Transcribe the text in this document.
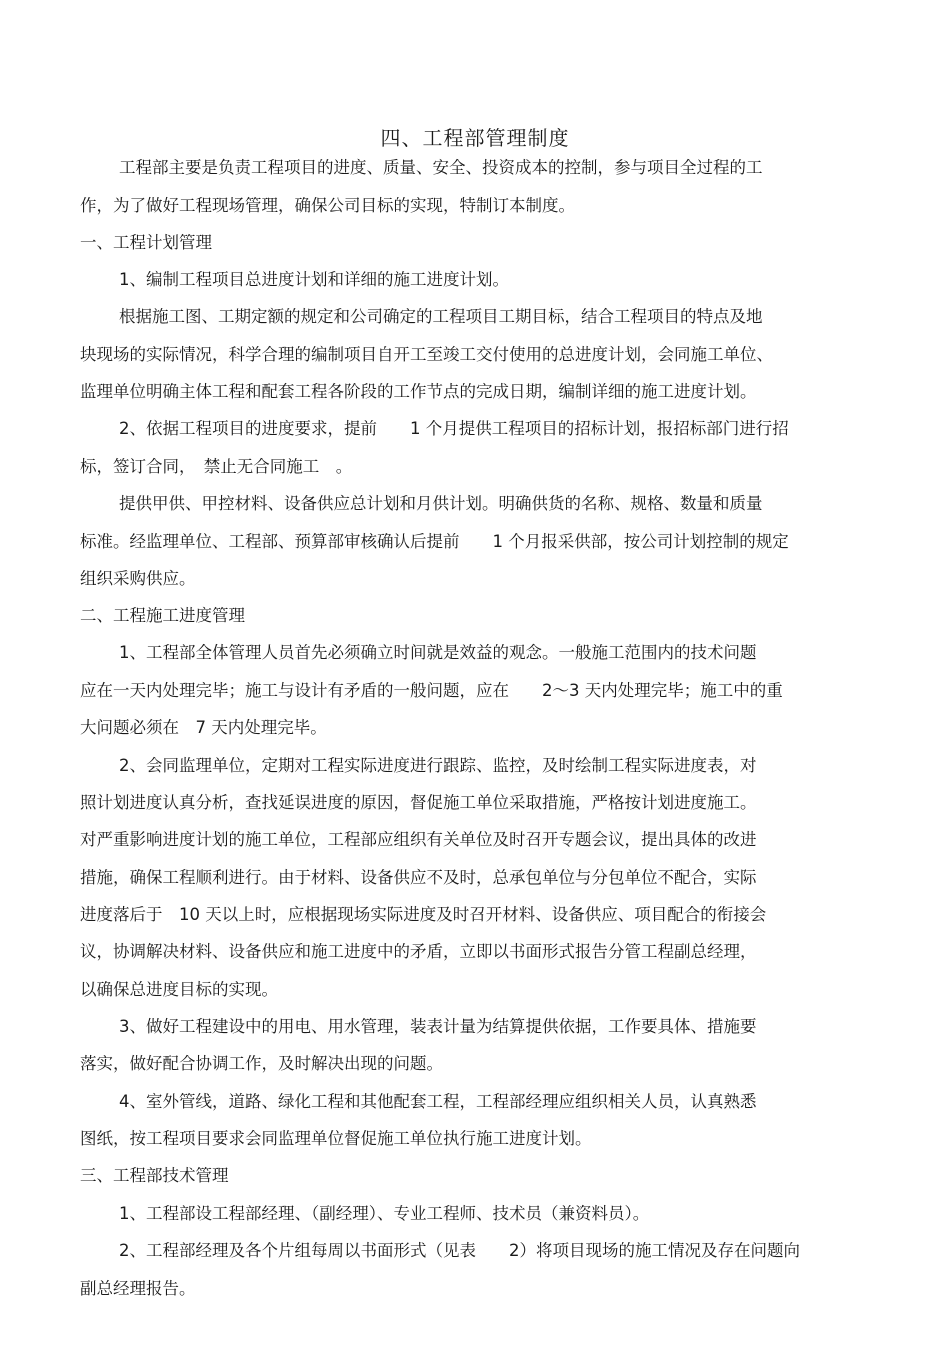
四、工程部管理制度
工程部主要是负责工程项目的进度、质量、安全、投资成本的控制，参与项目全过程的工
作，为了做好工程现场管理，确保公司目标的实现，特制订本制度。
一、工程计划管理
1、编制工程项目总进度计划和详细的施工进度计划。
根据施工图、工期定额的规定和公司确定的工程项目工期目标，结合工程项目的特点及地
块现场的实际情况，科学合理的编制项目自开工至竣工交付使用的总进度计划，会同施工单位、
监理单位明确主体工程和配套工程各阶段的工作节点的完成日期，编制详细的施工进度计划。
2、依据工程项目的进度要求，提前　　1 个月提供工程项目的招标计划，报招标部门进行招
标，签订合同，　禁止无合同施工　。
提供甲供、甲控材料、设备供应总计划和月供计划。明确供货的名称、规格、数量和质量
标准。经监理单位、工程部、预算部审核确认后提前　　1 个月报采供部，按公司计划控制的规定
组织采购供应。
二、工程施工进度管理
1、工程部全体管理人员首先必须确立时间就是效益的观念。一般施工范围内的技术问题
应在一天内处理完毕；施工与设计有矛盾的一般问题，应在　　2～3 天内处理完毕；施工中的重
大问题必须在　7 天内处理完毕。
2、会同监理单位，定期对工程实际进度进行跟踪、监控，及时绘制工程实际进度表，对
照计划进度认真分析，查找延误进度的原因，督促施工单位采取措施，严格按计划进度施工。
对严重影响进度计划的施工单位，工程部应组织有关单位及时召开专题会议，提出具体的改进
措施，确保工程顺利进行。由于材料、设备供应不及时，总承包单位与分包单位不配合，实际
进度落后于　10 天以上时，应根据现场实际进度及时召开材料、设备供应、项目配合的衔接会
议，协调解决材料、设备供应和施工进度中的矛盾，立即以书面形式报告分管工程副总经理，
以确保总进度目标的实现。
3、做好工程建设中的用电、用水管理，装表计量为结算提供依据，工作要具体、措施要
落实，做好配合协调工作，及时解决出现的问题。
4、室外管线，道路、绿化工程和其他配套工程，工程部经理应组织相关人员，认真熟悉
图纸，按工程项目要求会同监理单位督促施工单位执行施工进度计划。
三、工程部技术管理
1、工程部设工程部经理、（副经理）、专业工程师、技术员（兼资料员）。
2、工程部经理及各个片组每周以书面形式（见表　　2）将项目现场的施工情况及存在问题向
副总经理报告。
